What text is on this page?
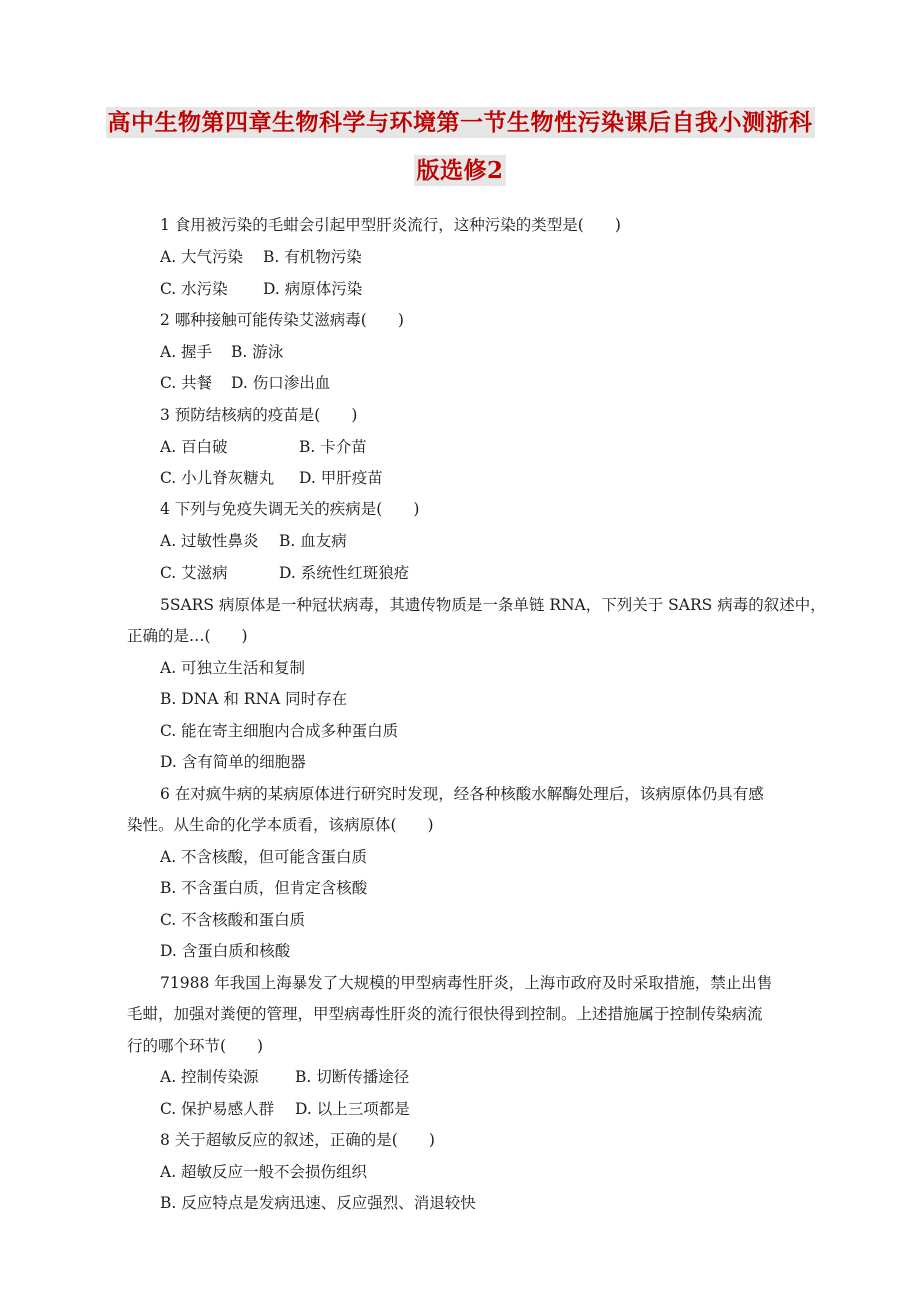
高中生物第四章生物科学与环境第一节生物性污染课后自我小测浙科
版选修2
1 食用被污染的毛蚶会引起甲型肝炎流行，这种污染的类型是(　　)
A. 大气污染 B. 有机物污染
C. 水污染 D. 病原体污染
2 哪种接触可能传染艾滋病毒(　　)
A. 握手 B. 游泳
C. 共餐 D. 伤口渗出血
3 预防结核病的疫苗是(　　)
A. 百白破	B. 卡介苗
C. 小儿脊灰糖丸 D. 甲肝疫苗
4 下列与免疫失调无关的疾病是(　　)
A. 过敏性鼻炎 B. 血友病
C. 艾滋病	D. 系统性红斑狼疮
5SARS 病原体是一种冠状病毒，其遗传物质是一条单链 RNA，下列关于 SARS 病毒的叙述中，
正确的是…(　　)
A. 可独立生活和复制
B. DNA 和 RNA 同时存在
C. 能在寄主细胞内合成多种蛋白质
D. 含有简单的细胞器
6 在对疯牛病的某病原体进行研究时发现，经各种核酸水解酶处理后，该病原体仍具有感
染性。从生命的化学本质看，该病原体(　　)
A. 不含核酸，但可能含蛋白质
B. 不含蛋白质，但肯定含核酸
C. 不含核酸和蛋白质
D. 含蛋白质和核酸
71988 年我国上海暴发了大规模的甲型病毒性肝炎，上海市政府及时采取措施，禁止出售
毛蚶，加强对粪便的管理，甲型病毒性肝炎的流行很快得到控制。上述措施属于控制传染病流
行的哪个环节(　　)
A. 控制传染源 B. 切断传播途径
C. 保护易感人群 D. 以上三项都是
8 关于超敏反应的叙述，正确的是(　　)
A. 超敏反应一般不会损伤组织
B. 反应特点是发病迅速、反应强烈、消退较快
